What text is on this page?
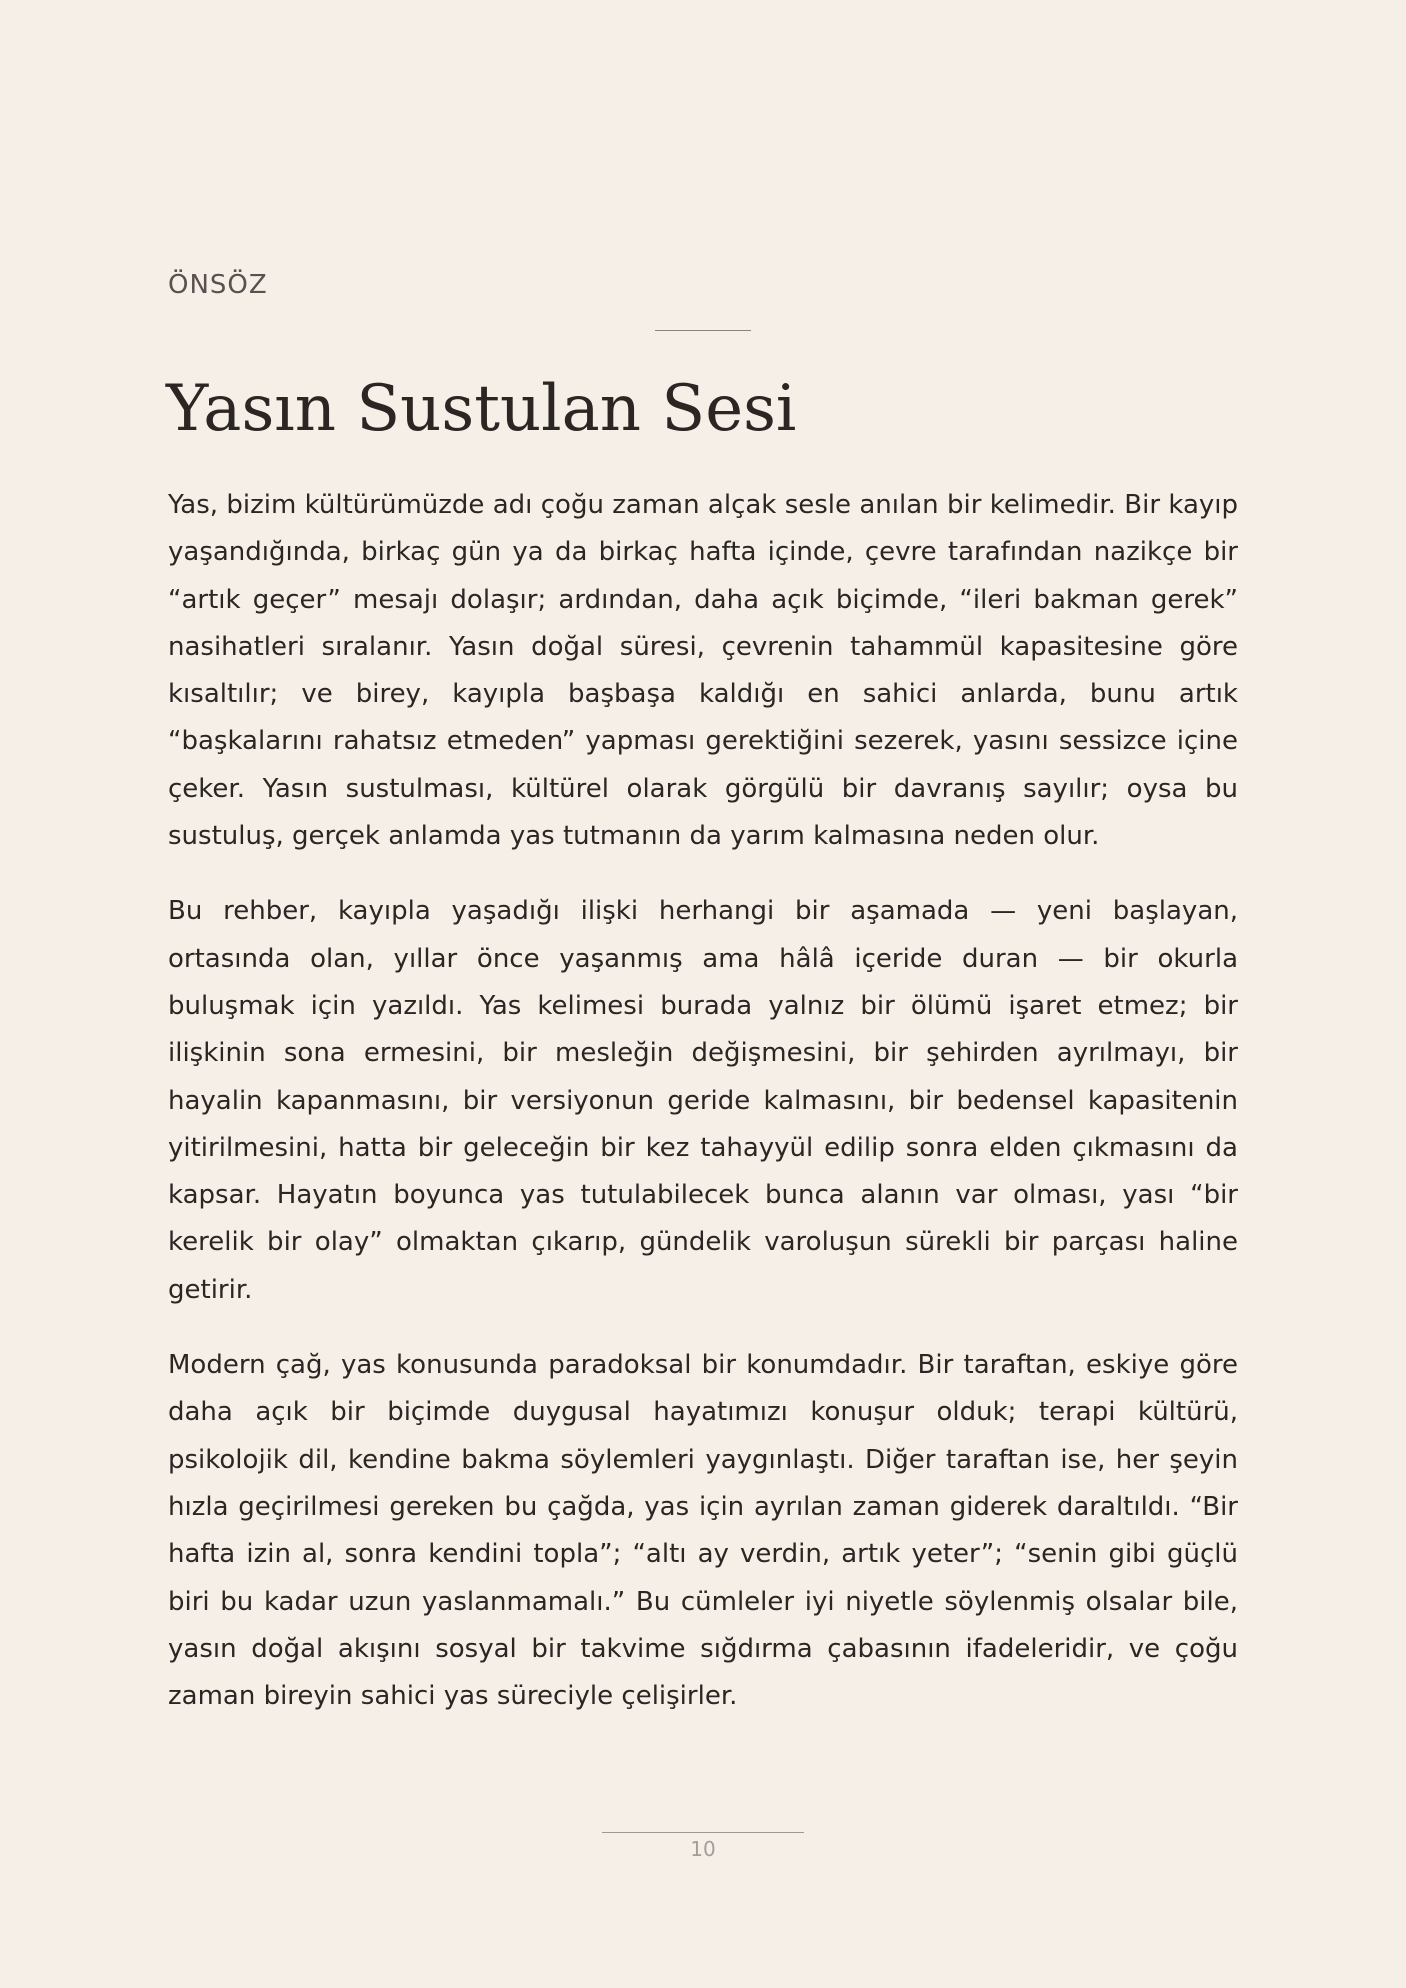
ÖNSÖZ
Yasın Sustulan Sesi

Yas, bizim kültürümüzde adı çoğu zaman alçak sesle anılan bir kelimedir. Bir kayıp yaşandığında, birkaç gün ya da birkaç hafta içinde, çevre tarafından nazikçe bir “artık geçer” mesajı dolaşır; ardından, daha açık biçimde, “ileri bakman gerek” nasihatleri sıralanır. Yasın doğal süresi, çevrenin tahammül kapasitesine göre kısaltılır; ve birey, kayıpla başbaşa kaldığı en sahici anlarda, bunu artık “başkalarını rahatsız etmeden” yapması gerektiğini sezerek, yasını sessizce içine çeker. Yasın sustulması, kültürel olarak görgülü bir davranış sayılır; oysa bu sustuluş, gerçek anlamda yas tutmanın da yarım kalmasına neden olur.

Bu rehber, kayıpla yaşadığı ilişki herhangi bir aşamada — yeni başlayan, ortasında olan, yıllar önce yaşanmış ama hâlâ içeride duran — bir okurla buluşmak için yazıldı. Yas kelimesi burada yalnız bir ölümü işaret etmez; bir ilişkinin sona ermesini, bir mesleğin değişmesini, bir şehirden ayrılmayı, bir hayalin kapanmasını, bir versiyonun geride kalmasını, bir bedensel kapasitenin yitirilmesini, hatta bir geleceğin bir kez tahayyül edilip sonra elden çıkmasını da kapsar. Hayatın boyunca yas tutulabilecek bunca alanın var olması, yası “bir kerelik bir olay” olmaktan çıkarıp, gündelik varoluşun sürekli bir parçası haline getirir.

Modern çağ, yas konusunda paradoksal bir konumdadır. Bir taraftan, eskiye göre daha açık bir biçimde duygusal hayatımızı konuşur olduk; terapi kültürü, psikolojik dil, kendine bakma söylemleri yaygınlaştı. Diğer taraftan ise, her şeyin hızla geçirilmesi gereken bu çağda, yas için ayrılan zaman giderek daraltıldı. “Bir hafta izin al, sonra kendini topla”; “altı ay verdin, artık yeter”; “senin gibi güçlü biri bu kadar uzun yaslanmamalı.” Bu cümleler iyi niyetle söylenmiş olsalar bile, yasın doğal akışını sosyal bir takvime sığdırma çabasının ifadeleridir, ve çoğu zaman bireyin sahici yas süreciyle çelişirler.

10
